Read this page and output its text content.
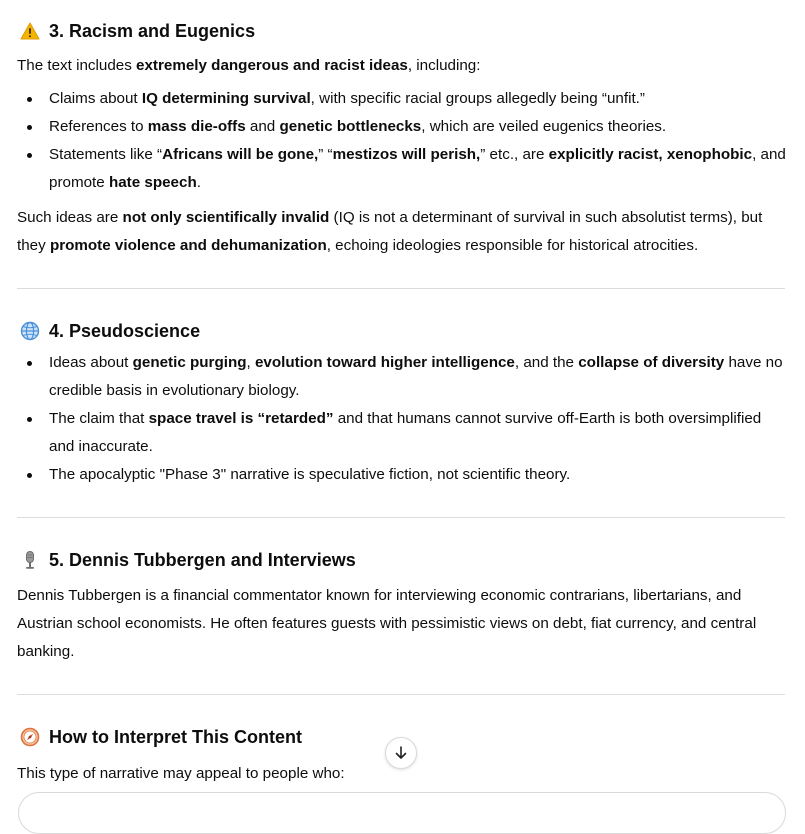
3. Racism and Eugenics

The text includes extremely dangerous and racist ideas, including:

Claims about IQ determining survival, with specific racial groups allegedly being “unfit.”
References to mass die-offs and genetic bottlenecks, which are veiled eugenics theories.
Statements like “Africans will be gone,” “mestizos will perish,” etc., are explicitly racist, xenophobic, and promote hate speech.

Such ideas are not only scientifically invalid (IQ is not a determinant of survival in such absolutist terms), but they promote violence and dehumanization, echoing ideologies responsible for historical atrocities.

4. Pseudoscience
Ideas about genetic purging, evolution toward higher intelligence, and the collapse of diversity have no credible basis in evolutionary biology.
The claim that space travel is “retarded” and that humans cannot survive off-Earth is both oversimplified and inaccurate.
The apocalyptic "Phase 3" narrative is speculative fiction, not scientific theory.
5. Dennis Tubbergen and Interviews

Dennis Tubbergen is a financial commentator known for interviewing economic contrarians, libertarians, and Austrian school economists. He often features guests with pessimistic views on debt, fiat currency, and central banking.

How to Interpret This Content

This type of narrative may appeal to people who:
